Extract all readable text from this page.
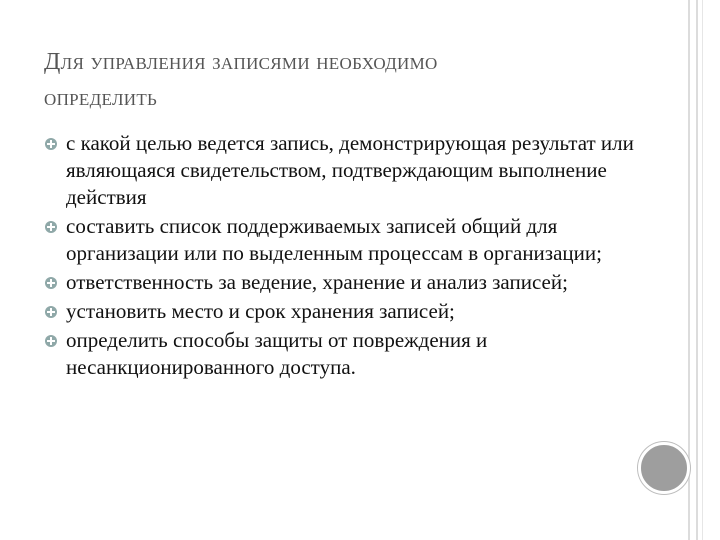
Для управления записями необходимо
определить
с какой целью ведется запись, демонстрирующая результат или являющаяся свидетельством, подтверждающим выполнение действия
составить список поддерживаемых записей общий для организации или по выделенным процессам в организации;
ответственность за ведение, хранение и анализ записей;
установить место и срок хранения записей;
определить способы защиты от повреждения и несанкционированного доступа.
